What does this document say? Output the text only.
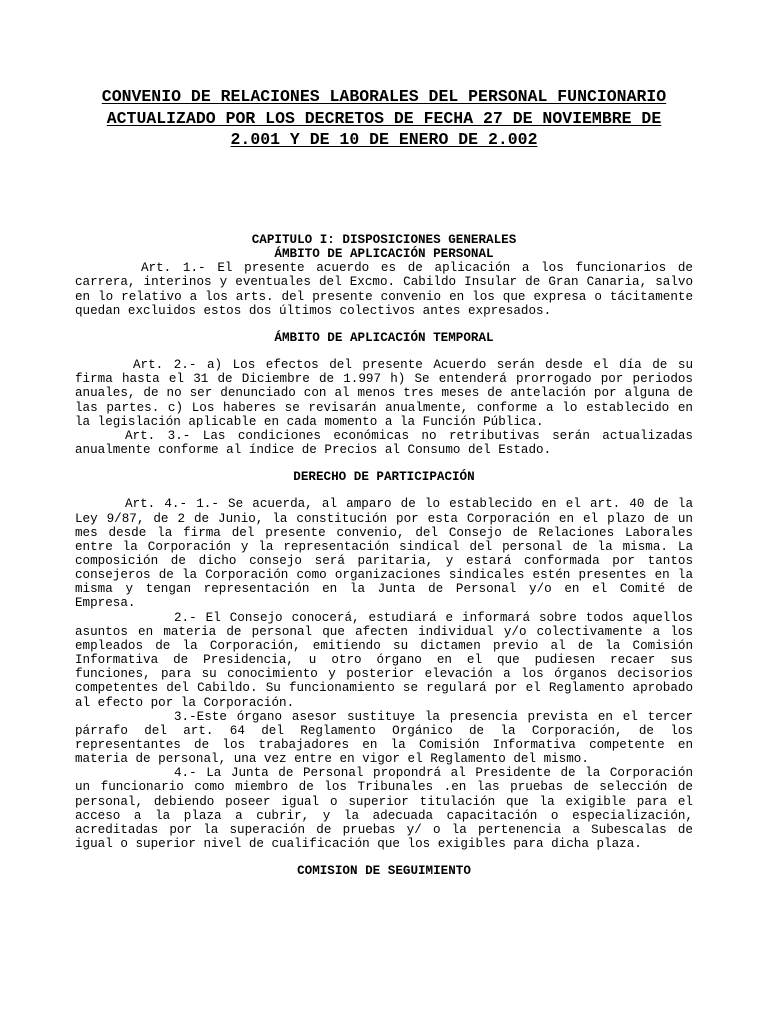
CONVENIO DE RELACIONES LABORALES DEL PERSONAL FUNCIONARIO
ACTUALIZADO POR LOS DECRETOS DE FECHA 27 DE NOVIEMBRE DE
2.001 Y DE 10 DE ENERO DE 2.002
CAPITULO I: DISPOSICIONES GENERALES
ÁMBITO DE APLICACIÓN PERSONAL
Art. 1.- El presente acuerdo es de aplicación a los funcionarios de carrera, interinos y eventuales del Excmo. Cabildo Insular de Gran Canaria, salvo en lo relativo a los arts. del presente convenio en los que expresa o tácitamente quedan excluidos estos dos últimos colectivos antes expresados.
ÁMBITO DE APLICACIÓN TEMPORAL
Art. 2.- a) Los efectos del presente Acuerdo serán desde el día de su firma hasta el 31 de Diciembre de 1.997 h) Se entenderá prorrogado por periodos anuales, de no ser denunciado con al menos tres meses de antelación por alguna de las partes. c) Los haberes se revisarán anualmente, conforme a lo establecido en la legislación aplicable en cada momento a la Función Pública.
Art. 3.- Las condiciones económicas no retributivas serán actualizadas anualmente conforme al índice de Precios al Consumo del Estado.
DERECHO DE PARTICIPACIÓN
Art. 4.- 1.- Se acuerda, al amparo de lo establecido en el art. 40 de la Ley 9/87, de 2 de Junio, la constitución por esta Corporación en el plazo de un mes desde la firma del presente convenio, del Consejo de Relaciones Laborales entre la Corporación y la representación sindical del personal de la misma. La composición de dicho consejo será paritaria, y estará conformada por tantos consejeros de la Corporación como organizaciones sindicales estén presentes en la misma y tengan representación en la Junta de Personal y/o en el Comité de Empresa.
2.- El Consejo conocerá, estudiará e informará sobre todos aquellos asuntos en materia de personal que afecten individual y/o colectivamente a los empleados de la Corporación, emitiendo su dictamen previo al de la Comisión Informativa de Presidencia, u otro órgano en el que pudiesen recaer sus funciones, para su conocimiento y posterior elevación a los órganos decisorios competentes del Cabildo. Su funcionamiento se regulará por el Reglamento aprobado al efecto por la Corporación.
3.-Este órgano asesor sustituye la presencia prevista en el tercer párrafo del art. 64 del Reglamento Orgánico de la Corporación, de los representantes de los trabajadores en la Comisión Informativa competente en materia de personal, una vez entre en vigor el Reglamento del mismo.
4.- La Junta de Personal propondrá al Presidente de la Corporación un funcionario como miembro de los Tribunales .en las pruebas de selección de personal, debiendo poseer igual o superior titulación que la exigible para el acceso a la plaza a cubrir, y la adecuada capacitación o especialización, acreditadas por la superación de pruebas y/ o la pertenencia a Subescalas de igual o superior nivel de cualificación que los exigibles para dicha plaza.
COMISION DE SEGUIMIENTO
